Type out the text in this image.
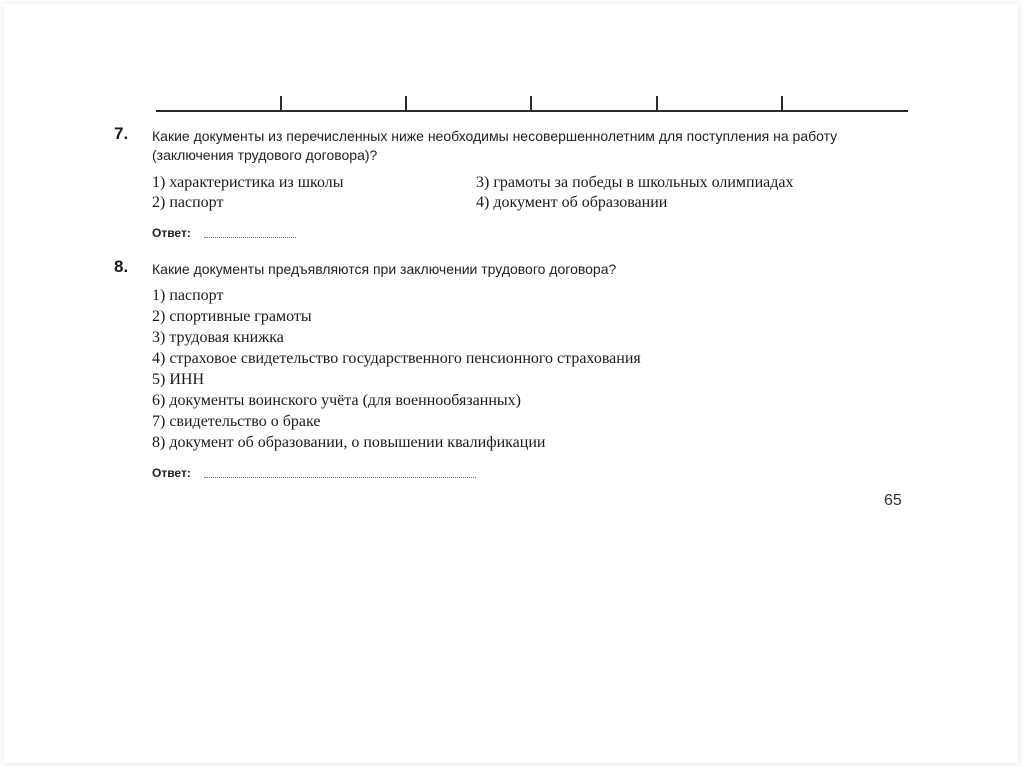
7. Какие документы из перечисленных ниже необходимы несовершеннолетним для поступления на работу
(заключения трудового договора)?
1) характеристика из школы
2) паспорт
3) грамоты за победы в школьных олимпиадах
4) документ об образовании
Ответ:
8. Какие документы предъявляются при заключении трудового договора?
1) паспорт
2) спортивные грамоты
3) трудовая книжка
4) страховое свидетельство государственного пенсионного страхования
5) ИНН
6) документы воинского учёта (для военнообязанных)
7) свидетельство о браке
8) документ об образовании, о повышении квалификации
Ответ:
65
